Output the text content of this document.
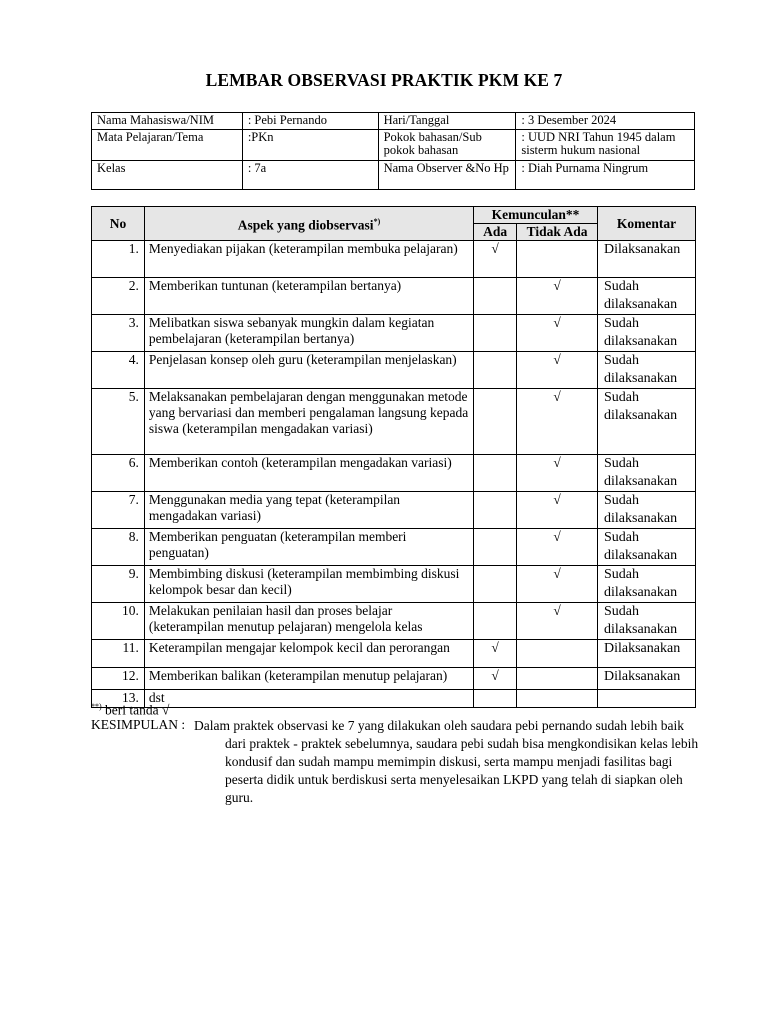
LEMBAR OBSERVASI PRAKTIK PKM KE 7
Nama Mahasiswa/NIM	: Pebi Pernando	Hari/Tanggal	: 3 Desember 2024
Mata Pelajaran/Tema	:PKn	Pokok bahasan/Sub pokok bahasan	: UUD NRI Tahun 1945 dalam sisterm hukum nasional
Kelas	: 7a	Nama Observer &No Hp	: Diah Purnama Ningrum
No	Aspek yang diobservasi*)	Kemunculan**		Komentar
		Ada	Tidak Ada	
1.	Menyediakan pijakan (keterampilan membuka pelajaran)	√		Dilaksanakan
2.	Memberikan tuntunan (keterampilan bertanya)		√	Sudah dilaksanakan
3.	Melibatkan siswa sebanyak mungkin dalam kegiatan pembelajaran (keterampilan bertanya)		√	Sudah dilaksanakan
4.	Penjelasan konsep oleh guru (keterampilan menjelaskan)		√	Sudah dilaksanakan
5.	Melaksanakan pembelajaran dengan menggunakan metode yang bervariasi dan memberi pengalaman langsung kepada siswa (keterampilan mengadakan variasi)		√	Sudah dilaksanakan
6.	Memberikan contoh (keterampilan mengadakan variasi)		√	Sudah dilaksanakan
7.	Menggunakan media yang tepat (keterampilan mengadakan variasi)		√	Sudah dilaksanakan
8.	Memberikan penguatan (keterampilan memberi penguatan)		√	Sudah dilaksanakan
9.	Membimbing diskusi (keterampilan membimbing diskusi kelompok besar dan kecil)		√	Sudah dilaksanakan
10.	Melakukan penilaian hasil dan proses belajar (keterampilan menutup pelajaran) mengelola kelas		√	Sudah dilaksanakan
11.	Keterampilan mengajar kelompok kecil dan perorangan	√		Dilaksanakan
12.	Memberikan balikan (keterampilan menutup pelajaran)	√		Dilaksanakan
13.	dst			
**) beri tanda √
KESIMPULAN : Dalam praktek observasi ke 7 yang dilakukan oleh saudara pebi pernando sudah lebih baik
dari praktek - praktek sebelumnya, saudara pebi sudah bisa mengkondisikan kelas lebih kondusif dan sudah mampu memimpin diskusi, serta mampu menjadi fasilitas bagi peserta didik untuk berdiskusi serta menyelesaikan LKPD yang telah di siapkan oleh guru.
